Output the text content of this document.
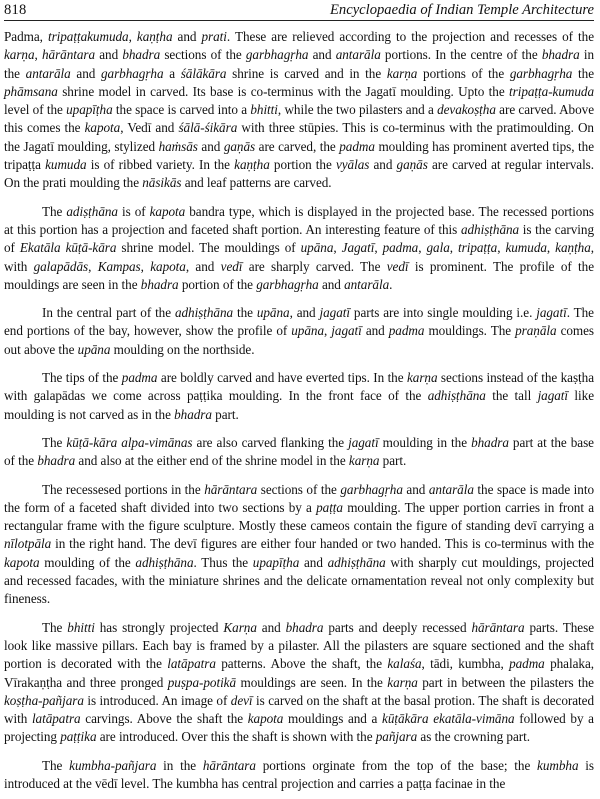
818	Encyclopaedia of Indian Temple Architecture

Padma, tripaṭṭakumuda, kaṇṭha and prati. These are relieved according to the projection and recesses of the karṇa, hārāntara and bhadra sections of the garbhagṛha and antarāla portions. In the centre of the bhadra in the antarāla and garbhagṛha a śālākāra shrine is carved and in the karṇa portions of the garbhagṛha the phāmsana shrine model in carved. Its base is co-terminus with the Jagatī moulding. Upto the tripaṭṭa-kumuda level of the upapīṭha the space is carved into a bhitti, while the two pilasters and a devakoṣṭha are carved. Above this comes the kapota, Vedī and śālā-śikāra with three stūpies. This is co-terminus with the pratimoulding. On the Jagatī moulding, stylized haṁsās and gaṇās are carved, the padma moulding has prominent averted tips, the tripaṭṭa kumuda is of ribbed variety. In the kaṇṭha portion the vyālas and gaṇās are carved at regular intervals. On the prati moulding the nāsikās and leaf patterns are carved.

The adiṣṭhāna is of kapota bandra type, which is displayed in the projected base. The recessed portions at this portion has a projection and faceted shaft portion. An interesting feature of this adhiṣṭhāna is the carving of Ekatāla kūṭā-kāra shrine model. The mouldings of upāna, Jagatī, padma, gala, tripaṭṭa, kumuda, kaṇṭha, with galapādās, Kampas, kapota, and vedī are sharply carved. The vedī is prominent. The profile of the mouldings are seen in the bhadra portion of the garbhagṛha and antarāla.

In the central part of the adhiṣṭhāna the upāna, and jagatī parts are into single moulding i.e. jagatī. The end portions of the bay, however, show the profile of upāna, jagatī and padma mouldings. The praṇāla comes out above the upāna moulding on the northside.

The tips of the padma are boldly carved and have everted tips. In the karṇa sections instead of the kaṣṭha with galapādas we come across paṭṭika moulding. In the front face of the adhiṣṭhāna the tall jagatī like moulding is not carved as in the bhadra part.

The kūṭā-kāra alpa-vimānas are also carved flanking the jagatī moulding in the bhadra part at the base of the bhadra and also at the either end of the shrine model in the karṇa part.

The recessesed portions in the hārāntara sections of the garbhagṛha and antarāla the space is made into the form of a faceted shaft divided into two sections by a paṭṭa moulding. The upper portion carries in front a rectangular frame with the figure sculpture. Mostly these cameos contain the figure of standing devī carrying a nīlotpāla in the right hand. The devī figures are either four handed or two handed. This is co-terminus with the kapota moulding of the adhiṣṭhāna. Thus the upapīṭha and adhiṣṭhāna with sharply cut mouldings, projected and recessed facades, with the miniature shrines and the delicate ornamentation reveal not only complexity but fineness.

The bhitti has strongly projected Karṇa and bhadra parts and deeply recessed hārāntara parts. These look like massive pillars. Each bay is framed by a pilaster. All the pilasters are square sectioned and the shaft portion is decorated with the latāpatra patterns. Above the shaft, the kalaśa, tādi, kumbha, padma phalaka, Vīrakaṇṭha and three pronged puṣpa-potikā mouldings are seen. In the karṇa part in between the pilasters the koṣṭha-pañjara is introduced. An image of devī is carved on the shaft at the basal protion. The shaft is decorated with latāpatra carvings. Above the shaft the kapota mouldings and a kūṭākāra ekatāla-vimāna followed by a projecting paṭṭika are introduced. Over this the shaft is shown with the pañjara as the crowning part.

The kumbha-pañjara in the hārāntara portions orginate from the top of the base; the kumbha is introduced at the vēdī level. The kumbha has central projection and carries a paṭṭa facinae in the
